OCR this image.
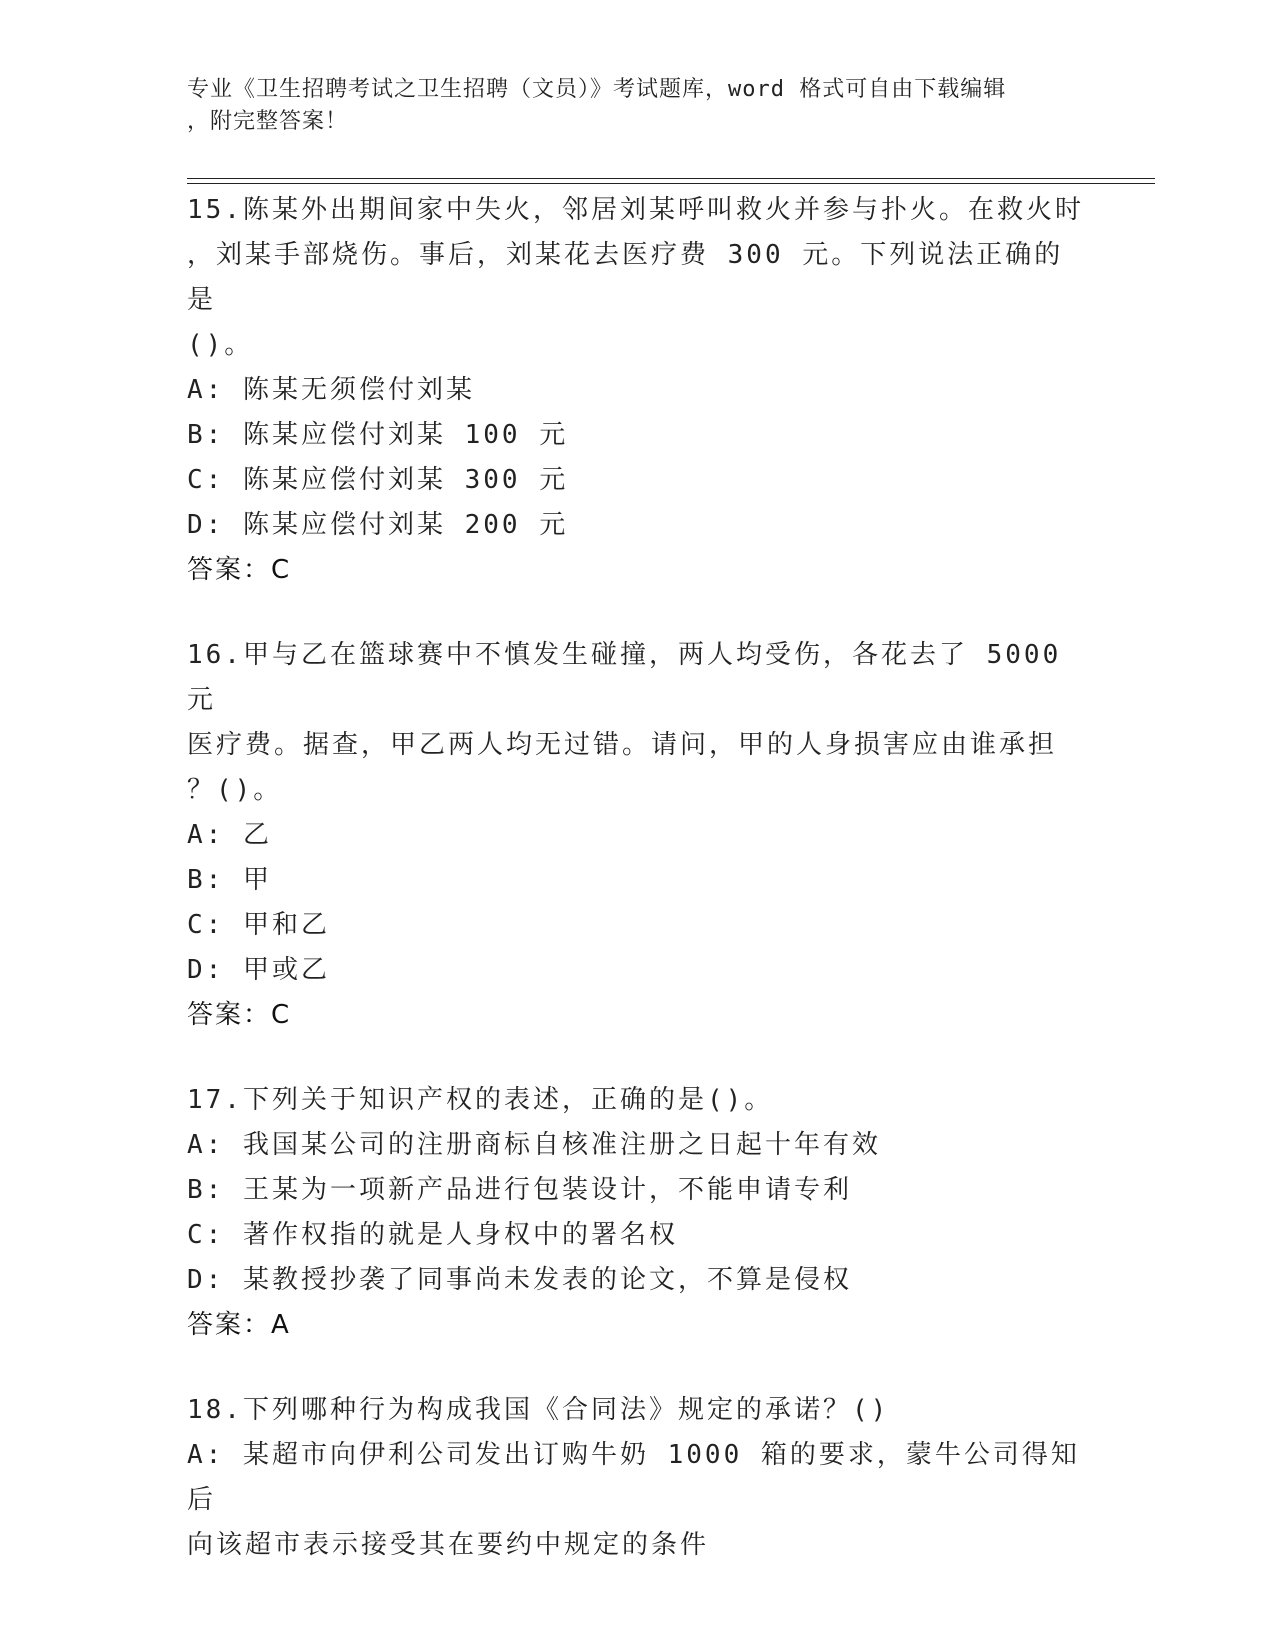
专业《卫生招聘考试之卫生招聘（文员）》考试题库，word 格式可自由下载编辑
，附完整答案！
15.陈某外出期间家中失火，邻居刘某呼叫救火并参与扑火。在救火时
，刘某手部烧伤。事后，刘某花去医疗费 300 元。下列说法正确的是
()。
A: 陈某无须偿付刘某
B: 陈某应偿付刘某 100 元
C: 陈某应偿付刘某 300 元
D: 陈某应偿付刘某 200 元
答案：C
16.甲与乙在篮球赛中不慎发生碰撞，两人均受伤，各花去了 5000 元
医疗费。据查，甲乙两人均无过错。请问，甲的人身损害应由谁承担
？()。
A: 乙
B: 甲
C: 甲和乙
D: 甲或乙
答案：C
17.下列关于知识产权的表述，正确的是()。
A: 我国某公司的注册商标自核准注册之日起十年有效
B: 王某为一项新产品进行包装设计，不能申请专利
C: 著作权指的就是人身权中的署名权
D: 某教授抄袭了同事尚未发表的论文，不算是侵权
答案：A
18.下列哪种行为构成我国《合同法》规定的承诺？()
A: 某超市向伊利公司发出订购牛奶 1000 箱的要求，蒙牛公司得知后
向该超市表示接受其在要约中规定的条件
